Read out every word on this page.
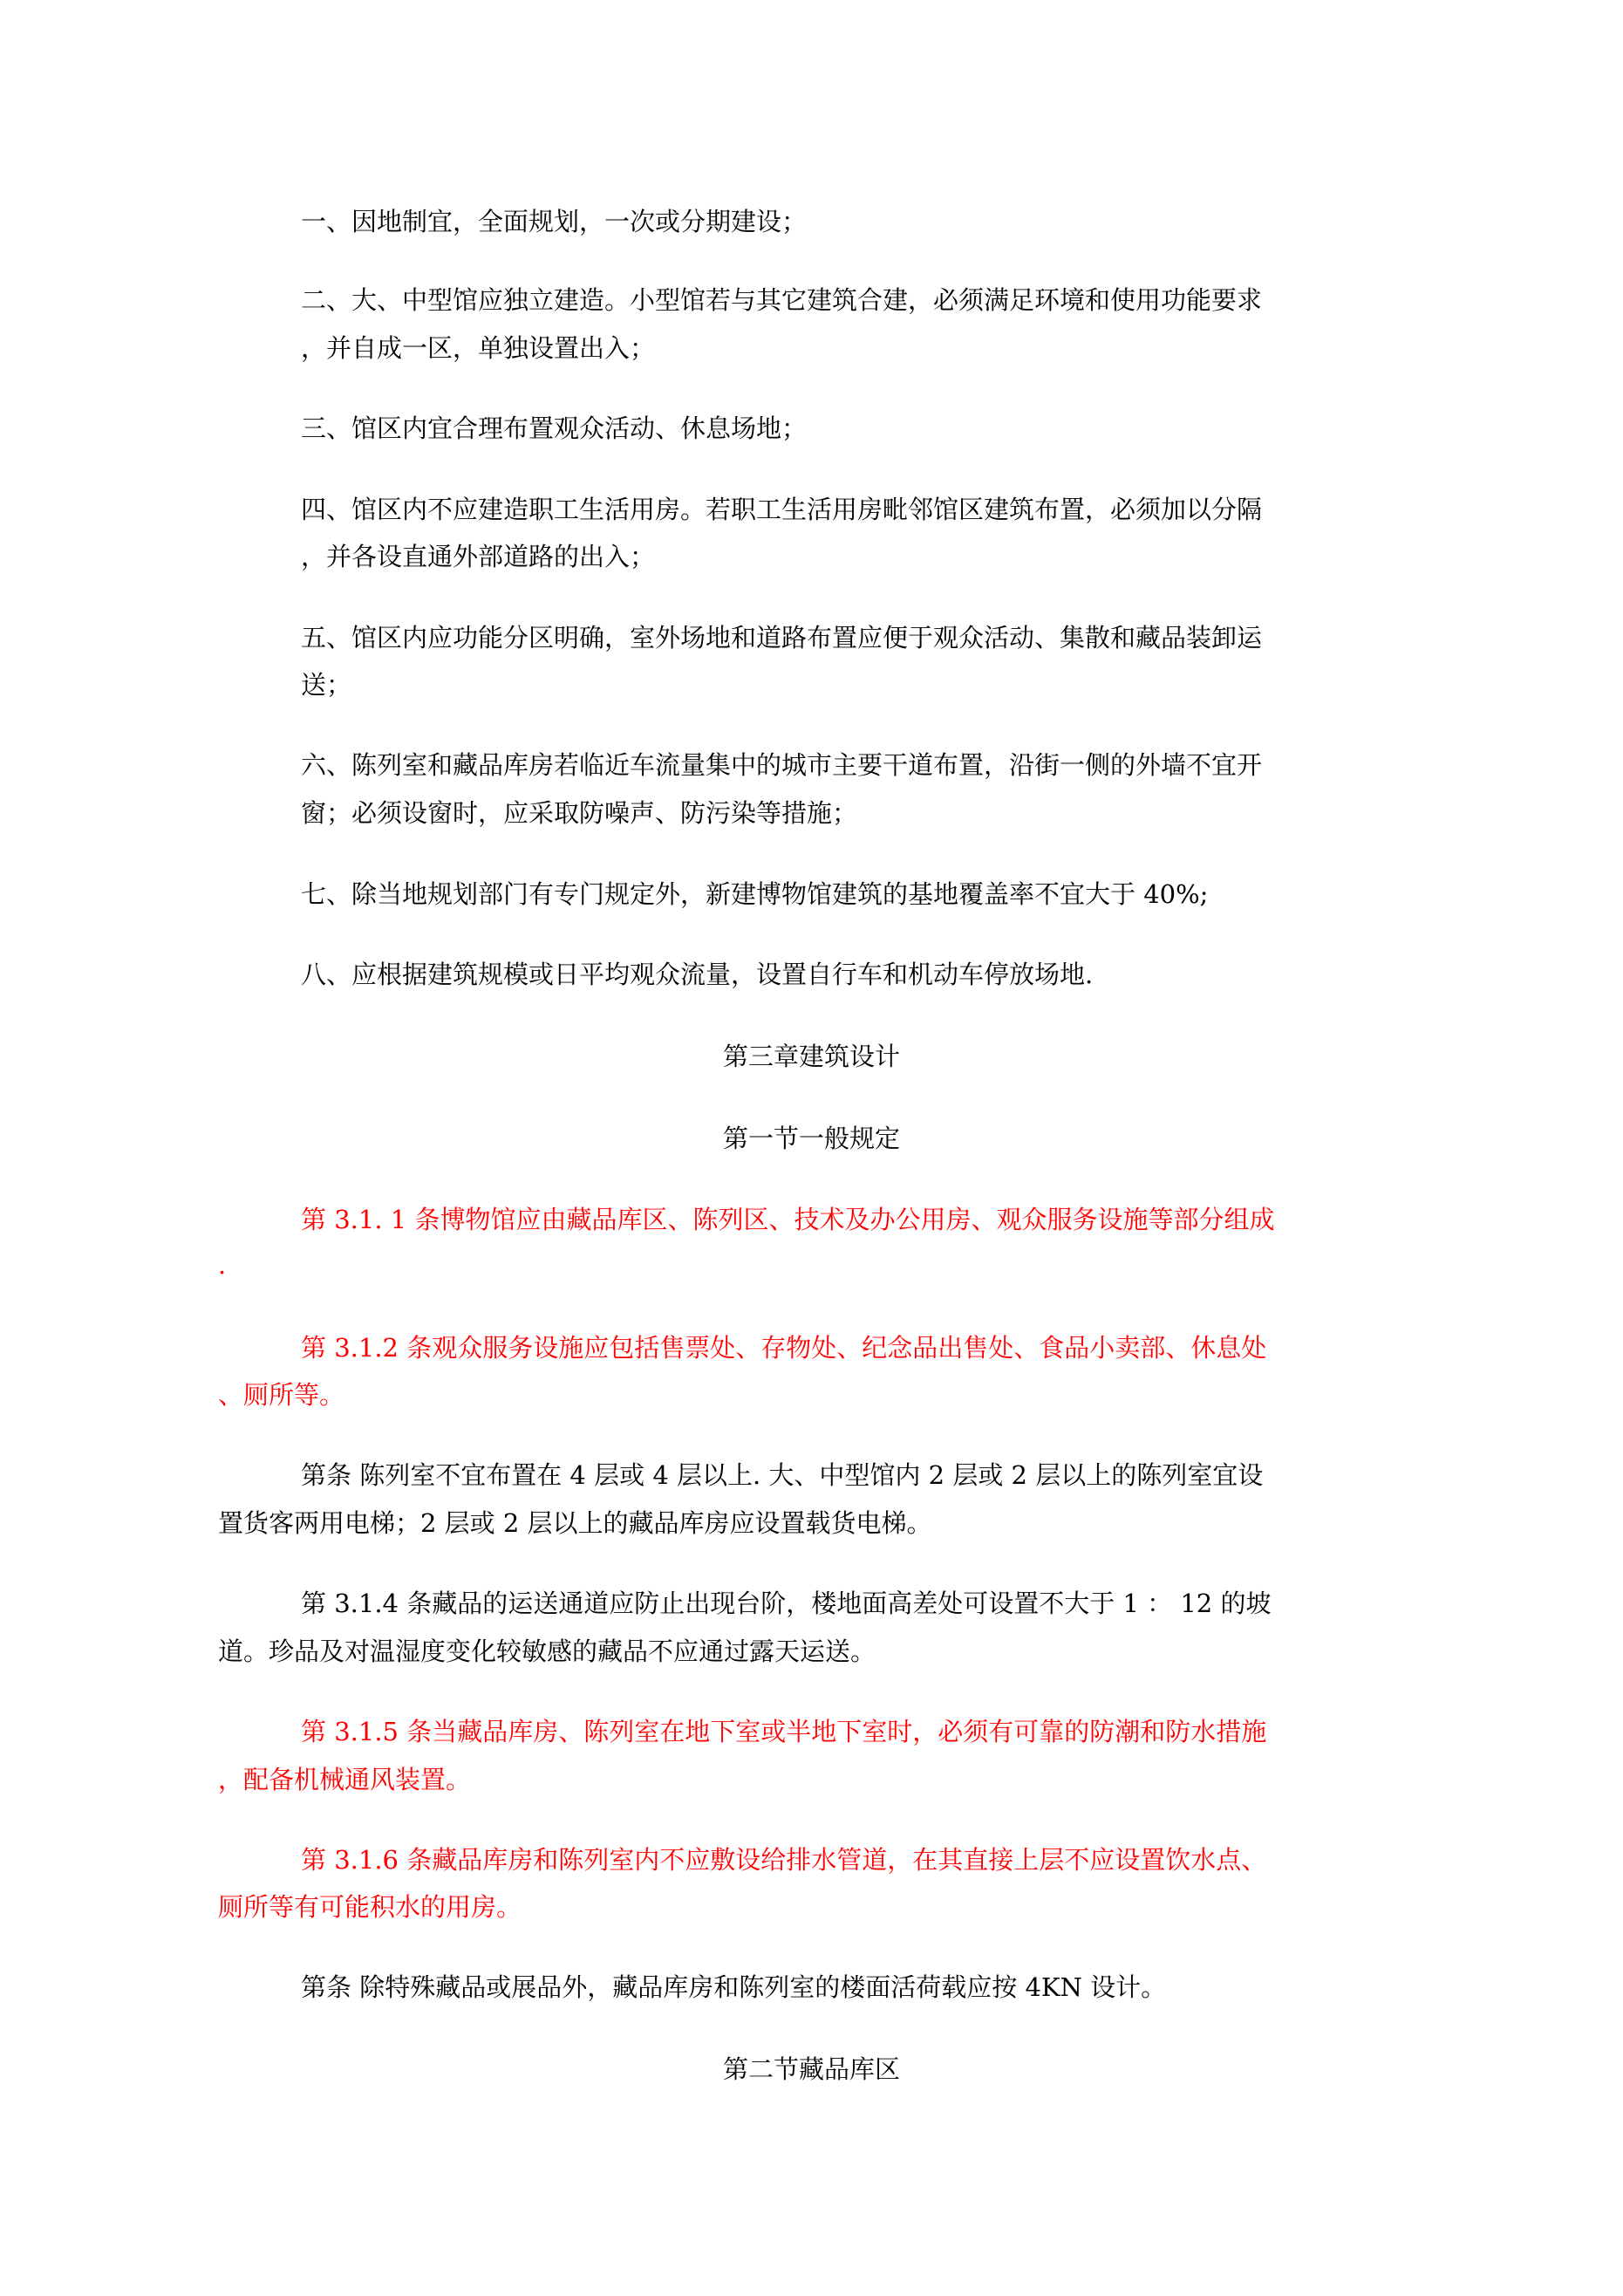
一、因地制宜，全面规划，一次或分期建设；
二、大、中型馆应独立建造。小型馆若与其它建筑合建，必须满足环境和使用功能要求
，并自成一区，单独设置出入；
三、馆区内宜合理布置观众活动、休息场地；
四、馆区内不应建造职工生活用房。若职工生活用房毗邻馆区建筑布置，必须加以分隔
，并各设直通外部道路的出入；
五、馆区内应功能分区明确，室外场地和道路布置应便于观众活动、集散和藏品装卸运
送；
六、陈列室和藏品库房若临近车流量集中的城市主要干道布置，沿街一侧的外墙不宜开
窗；必须设窗时，应采取防噪声、防污染等措施；
七、除当地规划部门有专门规定外，新建博物馆建筑的基地覆盖率不宜大于 40%;
八、应根据建筑规模或日平均观众流量，设置自行车和机动车停放场地.
第三章建筑设计
第一节一般规定
第 3.1. 1 条博物馆应由藏品库区、陈列区、技术及办公用房、观众服务设施等部分组成
.
第 3.1.2 条观众服务设施应包括售票处、存物处、纪念品出售处、食品小卖部、休息处
、厕所等。
第条 陈列室不宜布置在 4 层或 4 层以上. 大、中型馆内 2 层或 2 层以上的陈列室宜设
置货客两用电梯；2 层或 2 层以上的藏品库房应设置载货电梯。
第 3.1.4 条藏品的运送通道应防止出现台阶，楼地面高差处可设置不大于 1 ： 12 的坡
道。珍品及对温湿度变化较敏感的藏品不应通过露天运送。
第 3.1.5 条当藏品库房、陈列室在地下室或半地下室时，必须有可靠的防潮和防水措施
，配备机械通风装置。
第 3.1.6 条藏品库房和陈列室内不应敷设给排水管道，在其直接上层不应设置饮水点、
厕所等有可能积水的用房。
第条 除特殊藏品或展品外，藏品库房和陈列室的楼面活荷载应按 4KN 设计。
第二节藏品库区
